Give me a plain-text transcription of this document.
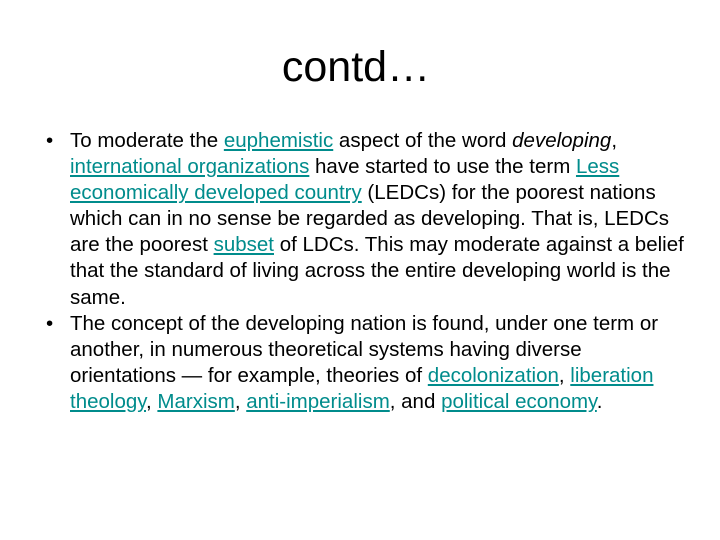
contd…

• To moderate the euphemistic aspect of the word developing, international organizations have started to use the term Less economically developed country (LEDCs) for the poorest nations which can in no sense be regarded as developing. That is, LEDCs are the poorest subset of LDCs. This may moderate against a belief that the standard of living across the entire developing world is the same.

• The concept of the developing nation is found, under one term or another, in numerous theoretical systems having diverse orientations — for example, theories of decolonization, liberation theology, Marxism, anti-imperialism, and political economy.
